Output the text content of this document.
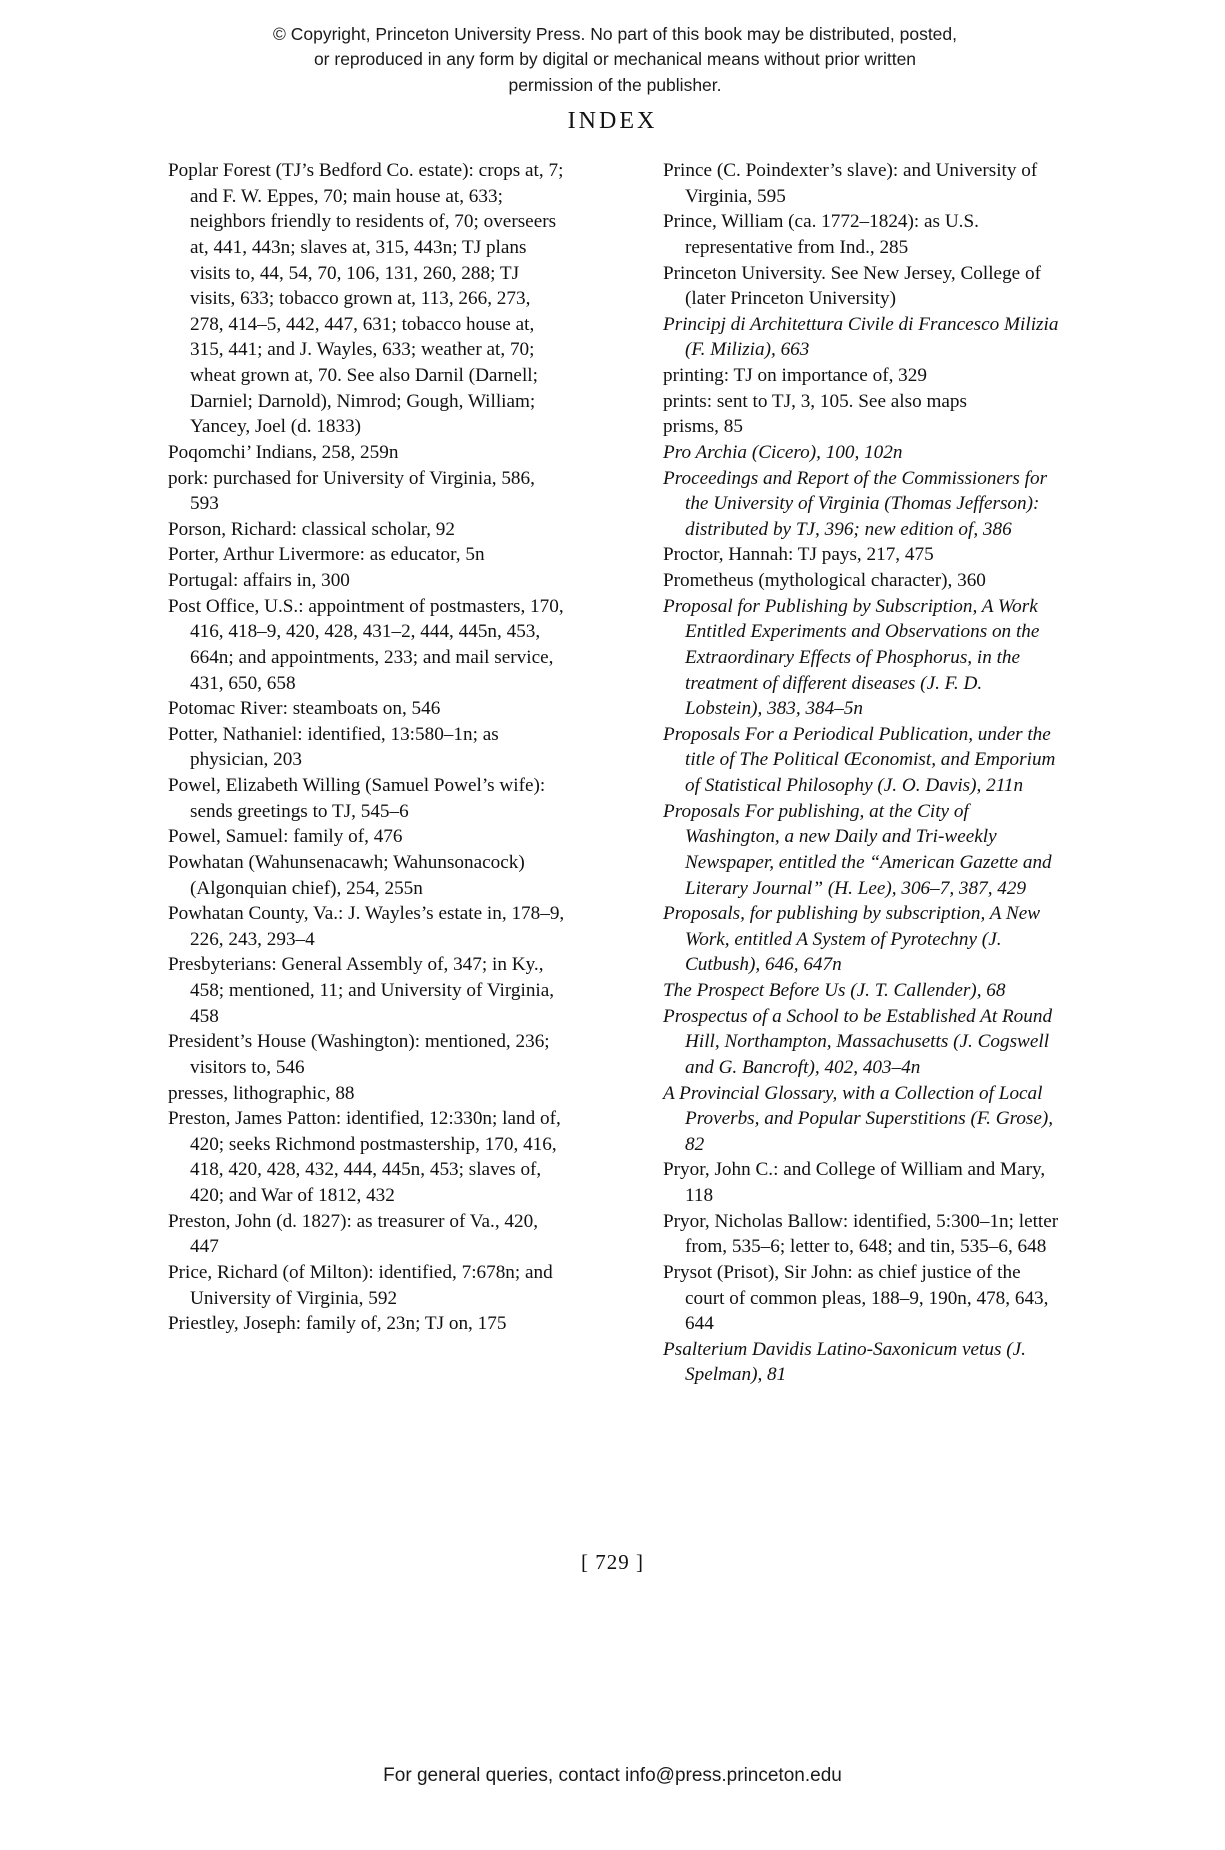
© Copyright, Princeton University Press. No part of this book may be distributed, posted, or reproduced in any form by digital or mechanical means without prior written permission of the publisher.
INDEX

Poplar Forest (TJ’s Bedford Co. estate): crops at, 7; and F. W. Eppes, 70; main house at, 633; neighbors friendly to residents of, 70; overseers at, 441, 443n; slaves at, 315, 443n; TJ plans visits to, 44, 54, 70, 106, 131, 260, 288; TJ visits, 633; tobacco grown at, 113, 266, 273, 278, 414–5, 442, 447, 631; tobacco house at, 315, 441; and J. Wayles, 633; weather at, 70; wheat grown at, 70. See also Darnil (Darnell; Darniel; Darnold), Nimrod; Gough, William; Yancey, Joel (d. 1833)

Poqomchi’ Indians, 258, 259n

pork: purchased for University of Virginia, 586, 593

Porson, Richard: classical scholar, 92

Porter, Arthur Livermore: as educator, 5n

Portugal: affairs in, 300

Post Office, U.S.: appointment of postmasters, 170, 416, 418–9, 420, 428, 431–2, 444, 445n, 453, 664n; and appointments, 233; and mail service, 431, 650, 658

Potomac River: steamboats on, 546

Potter, Nathaniel: identified, 13:580–1n; as physician, 203

Powel, Elizabeth Willing (Samuel Powel’s wife): sends greetings to TJ, 545–6

Powel, Samuel: family of, 476

Powhatan (Wahunsenacawh; Wahunsonacock) (Algonquian chief), 254, 255n

Powhatan County, Va.: J. Wayles’s estate in, 178–9, 226, 243, 293–4

Presbyterians: General Assembly of, 347; in Ky., 458; mentioned, 11; and University of Virginia, 458

President’s House (Washington): mentioned, 236; visitors to, 546

presses, lithographic, 88

Preston, James Patton: identified, 12:330n; land of, 420; seeks Richmond postmastership, 170, 416, 418, 420, 428, 432, 444, 445n, 453; slaves of, 420; and War of 1812, 432

Preston, John (d. 1827): as treasurer of Va., 420, 447

Price, Richard (of Milton): identified, 7:678n; and University of Virginia, 592

Priestley, Joseph: family of, 23n; TJ on, 175

Prince (C. Poindexter’s slave): and University of Virginia, 595

Prince, William (ca. 1772–1824): as U.S. representative from Ind., 285

Princeton University. See New Jersey, College of (later Princeton University)

Principj di Architettura Civile di Francesco Milizia (F. Milizia), 663

printing: TJ on importance of, 329

prints: sent to TJ, 3, 105. See also maps

prisms, 85

Pro Archia (Cicero), 100, 102n

Proceedings and Report of the Commissioners for the University of Virginia (Thomas Jefferson): distributed by TJ, 396; new edition of, 386

Proctor, Hannah: TJ pays, 217, 475

Prometheus (mythological character), 360

Proposal for Publishing by Subscription, A Work Entitled Experiments and Observations on the Extraordinary Effects of Phosphorus, in the treatment of different diseases (J. F. D. Lobstein), 383, 384–5n

Proposals For a Periodical Publication, under the title of The Political Œconomist, and Emporium of Statistical Philosophy (J. O. Davis), 211n

Proposals For publishing, at the City of Washington, a new Daily and Tri-weekly Newspaper, entitled the “American Gazette and Literary Journal” (H. Lee), 306–7, 387, 429

Proposals, for publishing by subscription, A New Work, entitled A System of Pyrotechny (J. Cutbush), 646, 647n

The Prospect Before Us (J. T. Callender), 68

Prospectus of a School to be Established At Round Hill, Northampton, Massachusetts (J. Cogswell and G. Bancroft), 402, 403–4n

A Provincial Glossary, with a Collection of Local Proverbs, and Popular Superstitions (F. Grose), 82

Pryor, John C.: and College of William and Mary, 118

Pryor, Nicholas Ballow: identified, 5:300–1n; letter from, 535–6; letter to, 648; and tin, 535–6, 648

Prysot (Prisot), Sir John: as chief justice of the court of common pleas, 188–9, 190n, 478, 643, 644

Psalterium Davidis Latino-Saxonicum vetus (J. Spelman), 81

[ 729 ]
For general queries, contact info@press.princeton.edu
